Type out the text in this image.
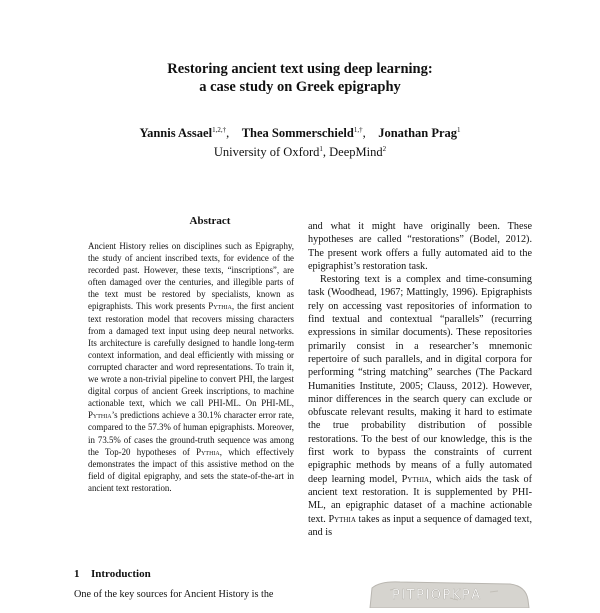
Restoring ancient text using deep learning:
a case study on Greek epigraphy
Yannis Assael$^{1,2,\dagger}$, Thea Sommerschield$^{1,\dagger}$, Jonathan Prag$^1$
University of Oxford$^1$, DeepMind$^2$
Abstract
Ancient History relies on disciplines such as Epigraphy, the study of ancient inscribed texts, for evidence of the recorded past. However, these texts, “inscriptions”, are often damaged over the centuries, and illegible parts of the text must be restored by specialists, known as epigraphists. This work presents Pythia, the first ancient text restoration model that recovers missing characters from a damaged text input using deep neural networks. Its architecture is carefully designed to handle long-term context information, and deal efficiently with missing or corrupted character and word representations. To train it, we wrote a non-trivial pipeline to convert PHI, the largest digital corpus of ancient Greek inscriptions, to machine actionable text, which we call PHI-ML. On PHI-ML, Pythia’s predictions achieve a 30.1% character error rate, compared to the 57.3% of human epigraphists. Moreover, in 73.5% of cases the ground-truth sequence was among the Top-20 hypotheses of Pythia, which effectively demonstrates the impact of this assistive method on the field of digital epigraphy, and sets the state-of-the-art in ancient text restoration.
1 Introduction
One of the key sources for Ancient History is the

and what it might have originally been. These hypotheses are called “restorations” (Bodel, 2012). The present work offers a fully automated aid to the epigraphist’s restoration task.

Restoring text is a complex and time-consuming task (Woodhead, 1967; Mattingly, 1996). Epigraphists rely on accessing vast repositories of information to find textual and contextual “parallels” (recurring expressions in similar documents). These repositories primarily consist in a researcher’s mnemonic repertoire of such parallels, and in digital corpora for performing “string matching” searches (The Packard Humanities Institute, 2005; Clauss, 2012). However, minor differences in the search query can exclude or obfuscate relevant results, making it hard to estimate the true probability distribution of possible restorations. To the best of our knowledge, this is the first work to bypass the constraints of current epigraphic methods by means of a fully automated deep learning model, Pythia, which aids the task of ancient text restoration. It is supplemented by PHI-ML, an epigraphic dataset of a machine actionable text. Pythia takes as input a sequence of damaged text, and is

ΡΙΤΡΙΟΡΚΡΑ
